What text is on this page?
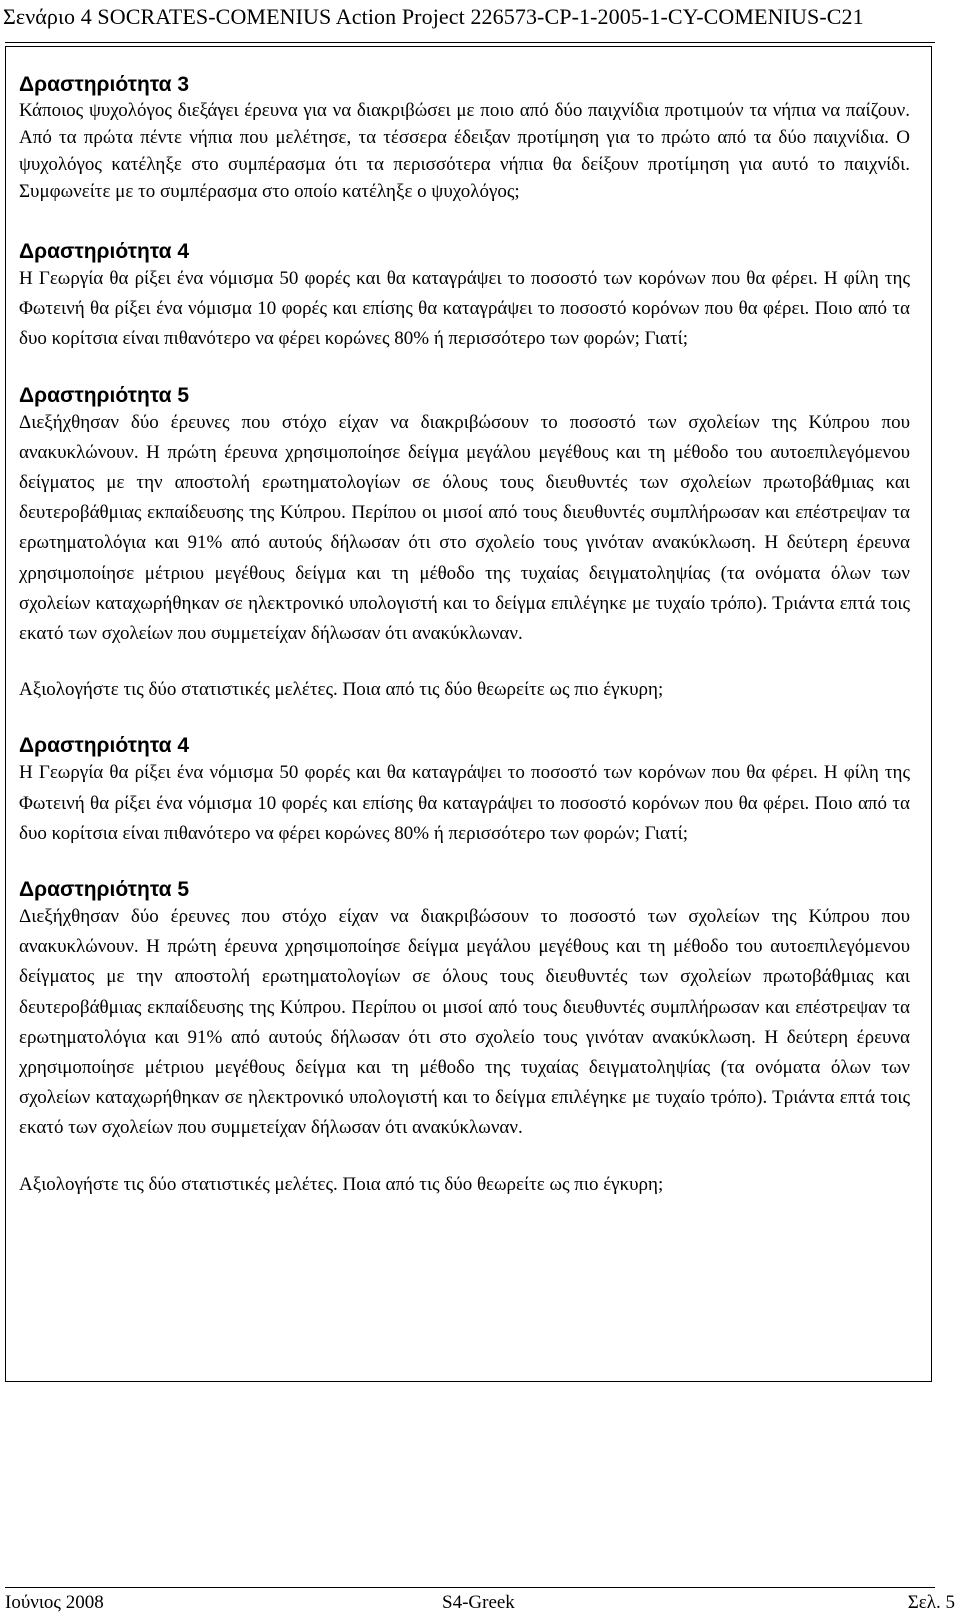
Σενάριο 4 SOCRATES-COMENIUS Action Project 226573-CP-1-2005-1-CY-COMENIUS-C21
Δραστηριότητα 3

Κάποιος ψυχολόγος διεξάγει έρευνα για να διακριβώσει με ποιο από δύο παιχνίδια προτιμούν τα νήπια να παίζουν. Από τα πρώτα πέντε νήπια που μελέτησε, τα τέσσερα έδειξαν προτίμηση για το πρώτο από τα δύο παιχνίδια. Ο ψυχολόγος κατέληξε στο συμπέρασμα ότι τα περισσότερα νήπια θα δείξουν προτίμηση για αυτό το παιχνίδι. Συμφωνείτε με το συμπέρασμα στο οποίο κατέληξε ο ψυχολόγος;

Δραστηριότητα 4

Η Γεωργία θα ρίξει ένα νόμισμα 50 φορές και θα καταγράψει το ποσοστό των κορόνων που θα φέρει. Η φίλη της Φωτεινή θα ρίξει ένα νόμισμα 10 φορές και επίσης θα καταγράψει το ποσοστό κορόνων που θα φέρει. Ποιο από τα δυο κορίτσια είναι πιθανότερο να φέρει κορώνες 80% ή περισσότερο των φορών; Γιατί;

Δραστηριότητα 5

Διεξήχθησαν δύο έρευνες που στόχο είχαν να διακριβώσουν το ποσοστό των σχολείων της Κύπρου που ανακυκλώνουν. Η πρώτη έρευνα χρησιμοποίησε δείγμα μεγάλου μεγέθους και τη μέθοδο του αυτοεπιλεγόμενου δείγματος με την αποστολή ερωτηματολογίων σε όλους τους διευθυντές των σχολείων πρωτοβάθμιας και δευτεροβάθμιας εκπαίδευσης της Κύπρου. Περίπου οι μισοί από τους διευθυντές συμπλήρωσαν και επέστρεψαν τα ερωτηματολόγια και 91% από αυτούς δήλωσαν ότι στο σχολείο τους γινόταν ανακύκλωση. Η δεύτερη έρευνα χρησιμοποίησε μέτριου μεγέθους δείγμα και τη μέθοδο της τυχαίας δειγματοληψίας (τα ονόματα όλων των σχολείων καταχωρήθηκαν σε ηλεκτρονικό υπολογιστή και το δείγμα επιλέγηκε με τυχαίο τρόπο). Τριάντα επτά τοις εκατό των σχολείων που συμμετείχαν δήλωσαν ότι ανακύκλωναν.

Αξιολογήστε τις δύο στατιστικές μελέτες. Ποια από τις δύο θεωρείτε ως πιο έγκυρη;

Δραστηριότητα 4

Η Γεωργία θα ρίξει ένα νόμισμα 50 φορές και θα καταγράψει το ποσοστό των κορόνων που θα φέρει. Η φίλη της Φωτεινή θα ρίξει ένα νόμισμα 10 φορές και επίσης θα καταγράψει το ποσοστό κορόνων που θα φέρει. Ποιο από τα δυο κορίτσια είναι πιθανότερο να φέρει κορώνες 80% ή περισσότερο των φορών; Γιατί;

Δραστηριότητα 5

Διεξήχθησαν δύο έρευνες που στόχο είχαν να διακριβώσουν το ποσοστό των σχολείων της Κύπρου που ανακυκλώνουν. Η πρώτη έρευνα χρησιμοποίησε δείγμα μεγάλου μεγέθους και τη μέθοδο του αυτοεπιλεγόμενου δείγματος με την αποστολή ερωτηματολογίων σε όλους τους διευθυντές των σχολείων πρωτοβάθμιας και δευτεροβάθμιας εκπαίδευσης της Κύπρου. Περίπου οι μισοί από τους διευθυντές συμπλήρωσαν και επέστρεψαν τα ερωτηματολόγια και 91% από αυτούς δήλωσαν ότι στο σχολείο τους γινόταν ανακύκλωση. Η δεύτερη έρευνα χρησιμοποίησε μέτριου μεγέθους δείγμα και τη μέθοδο της τυχαίας δειγματοληψίας (τα ονόματα όλων των σχολείων καταχωρήθηκαν σε ηλεκτρονικό υπολογιστή και το δείγμα επιλέγηκε με τυχαίο τρόπο). Τριάντα επτά τοις εκατό των σχολείων που συμμετείχαν δήλωσαν ότι ανακύκλωναν.

Αξιολογήστε τις δύο στατιστικές μελέτες. Ποια από τις δύο θεωρείτε ως πιο έγκυρη;

Ιούνιος 2008	S4-Greek	Σελ. 5
